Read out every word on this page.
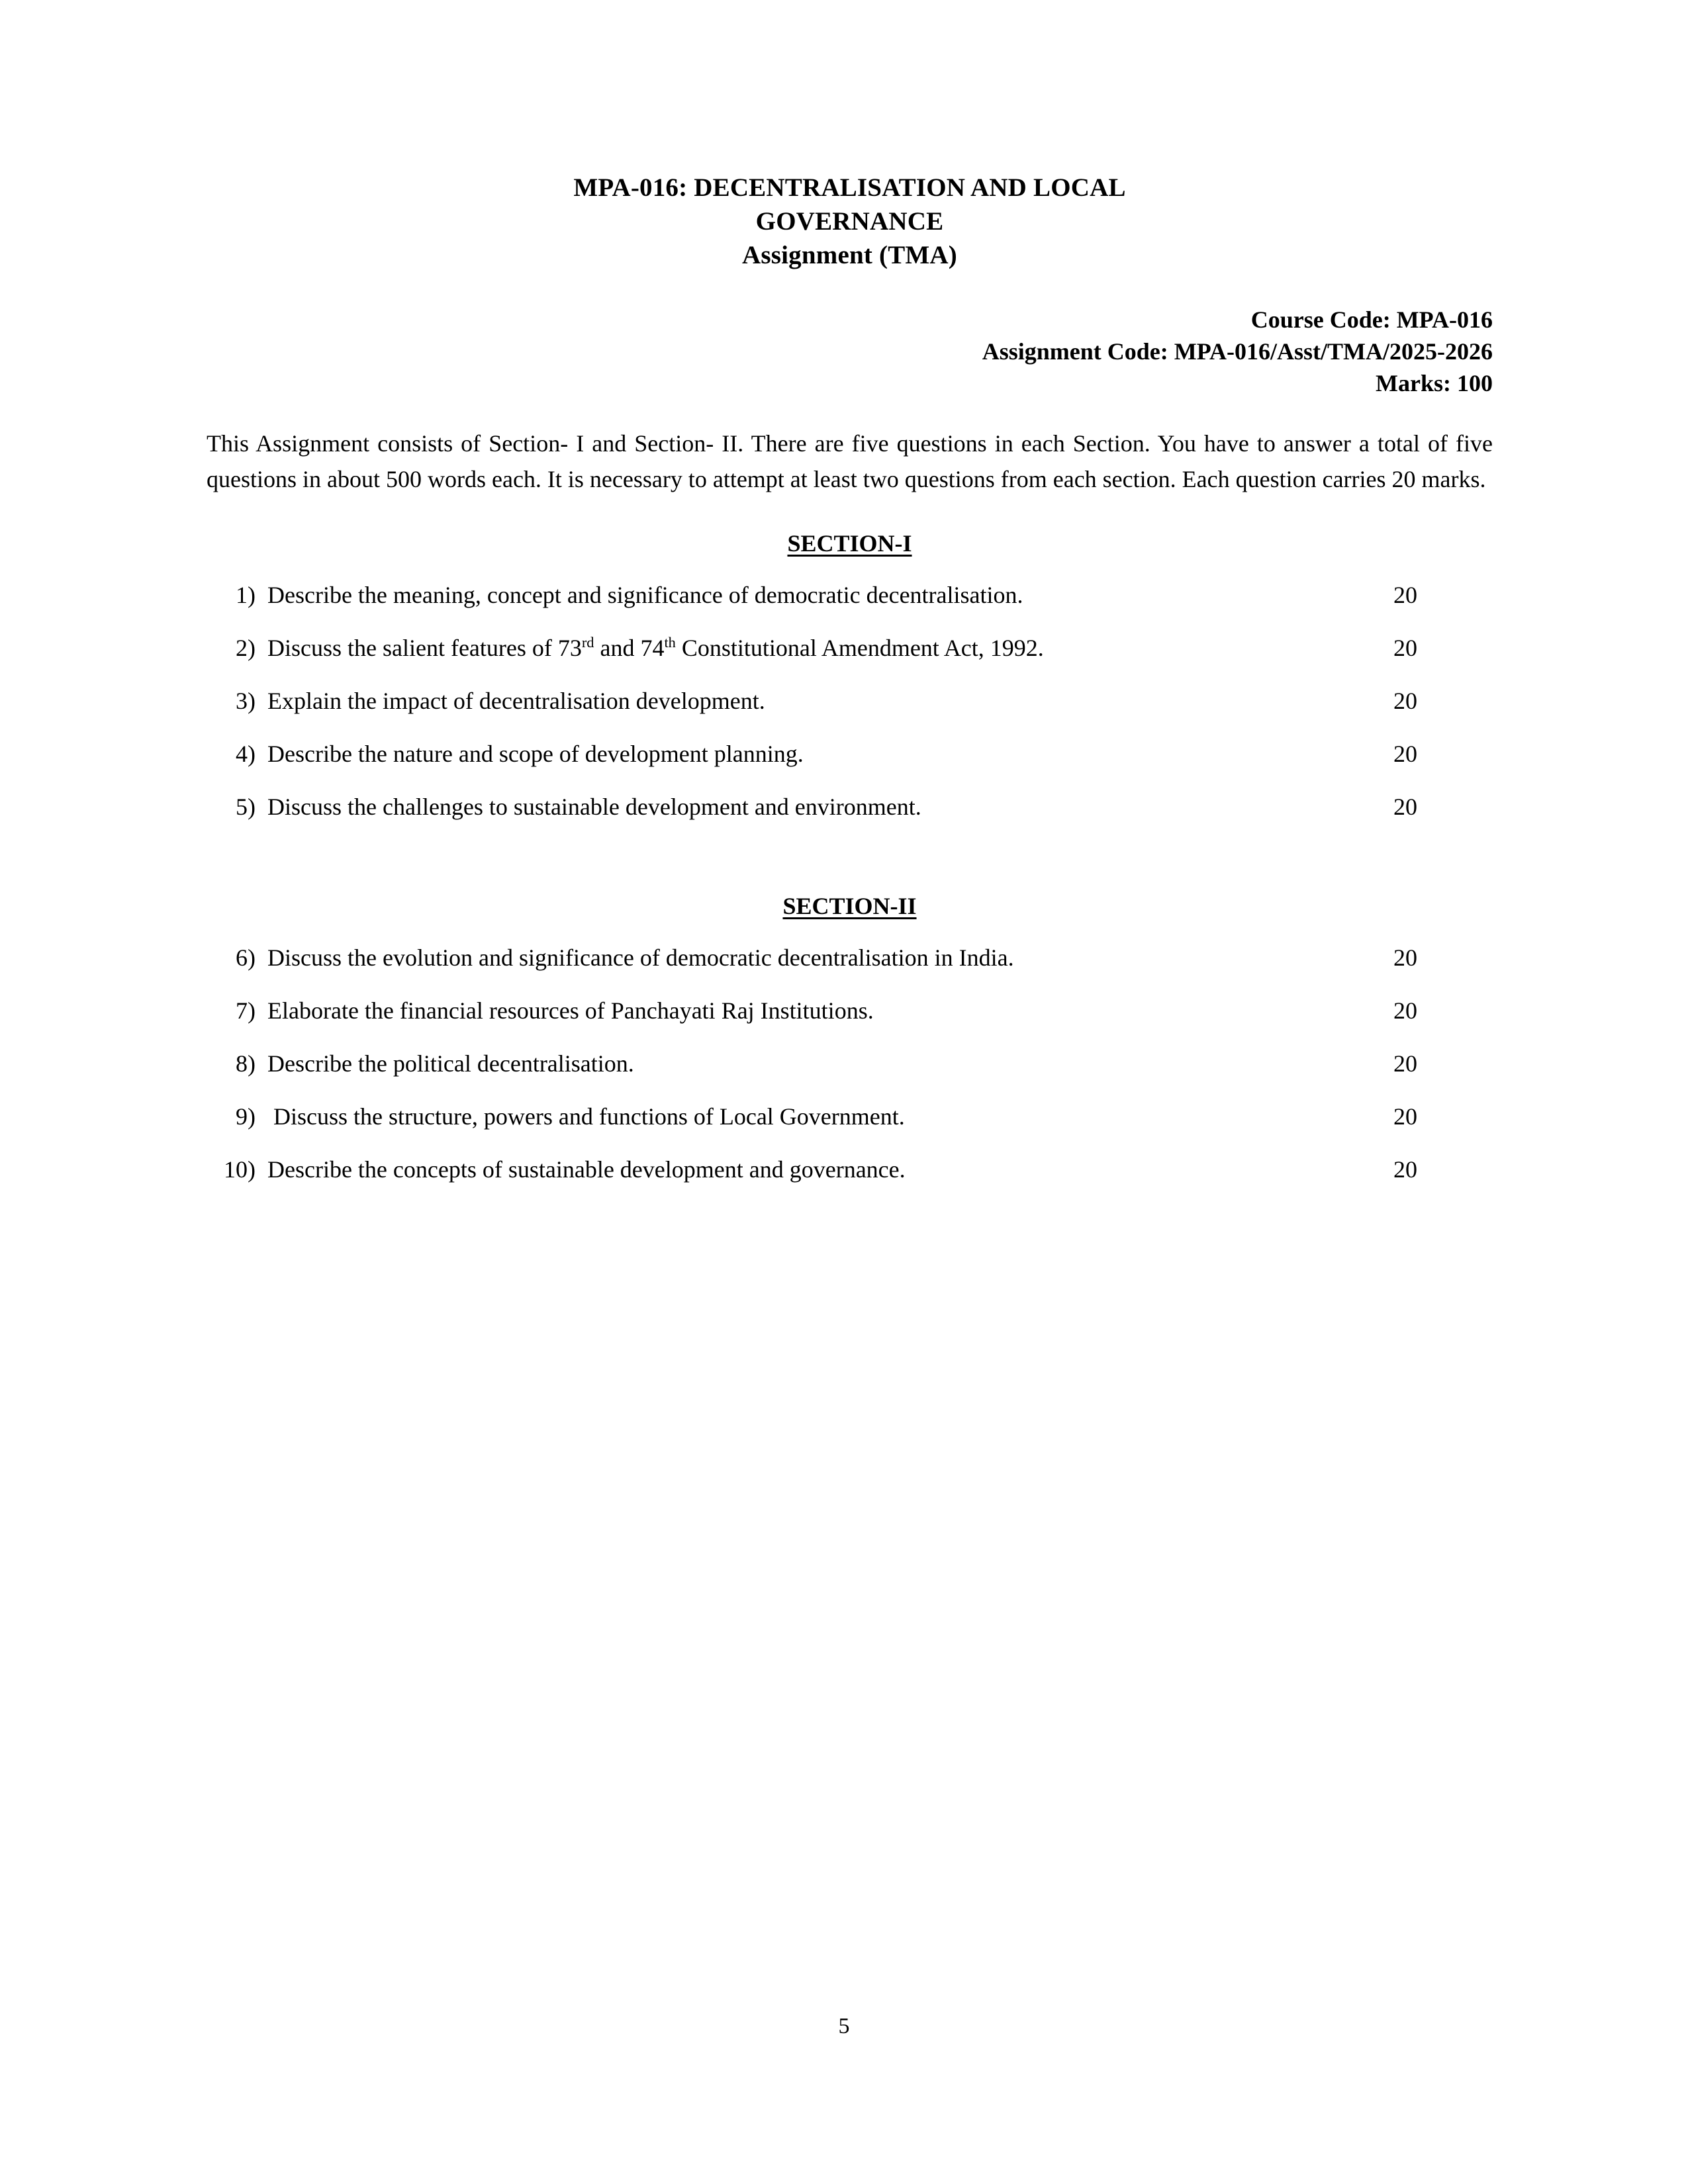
MPA-016: DECENTRALISATION AND LOCAL
GOVERNANCE
Assignment (TMA)
Course Code: MPA-016
Assignment Code: MPA-016/Asst/TMA/2025-2026
Marks: 100

This Assignment consists of Section- I and Section- II. There are five questions in each Section. You have to answer a total of five questions in about 500 words each. It is necessary to attempt at least two questions from each section. Each question carries 20 marks.

SECTION-I
1) Describe the meaning, concept and significance of democratic decentralisation.	20
2) Discuss the salient features of 73rd and 74th Constitutional Amendment Act, 1992.	20
3) Explain the impact of decentralisation development.	20
4) Describe the nature and scope of development planning.	20
5) Discuss the challenges to sustainable development and environment.	20
SECTION-II
6) Discuss the evolution and significance of democratic decentralisation in India.	20
7) Elaborate the financial resources of Panchayati Raj Institutions.	20
8) Describe the political decentralisation.	20
9) Discuss the structure, powers and functions of Local Government.	20
10) Describe the concepts of sustainable development and governance.	20
5
